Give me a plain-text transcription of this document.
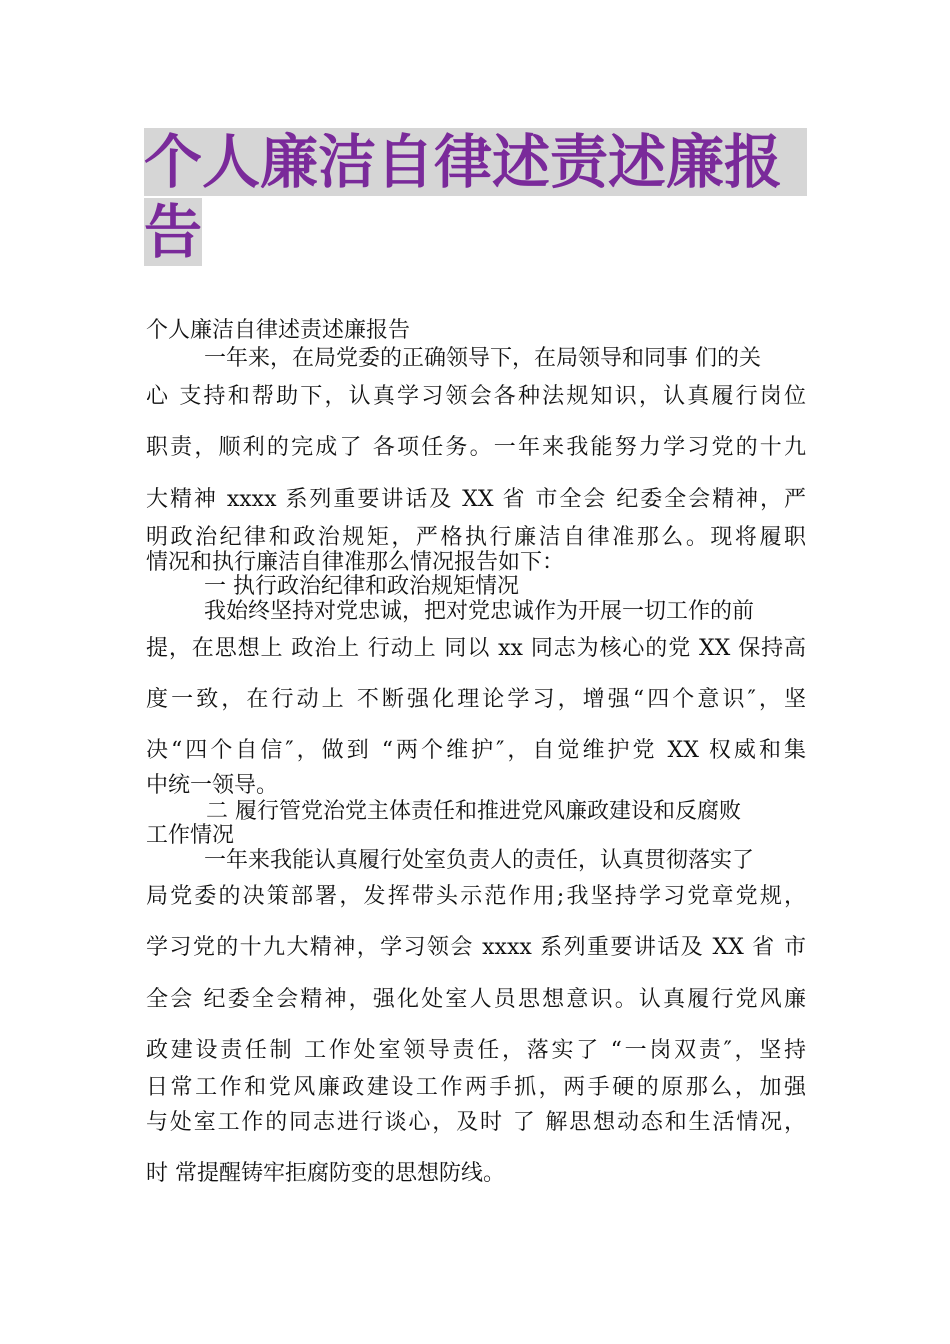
个人廉洁自律述责述廉报
告
个人廉洁自律述责述廉报告
一年来，在局党委的正确领导下，在局领导和同事 们的关
心 支持和帮助下，认真学习领会各种法规知识，认真履行岗位
职责，顺利的完成了 各项任务。一年来我能努力学习党的十九
大精神 xxxx 系列重要讲话及 XX 省 市全会 纪委全会精神，严
明政治纪律和政治规矩，严格执行廉洁自律准那么。现将履职
情况和执行廉洁自律准那么情况报告如下：
一 执行政治纪律和政治规矩情况
我始终坚持对党忠诚，把对党忠诚作为开展一切工作的前
提，在思想上 政治上 行动上 同以 xx 同志为核心的党 XX 保持高
度一致，在行动上 不断强化理论学习，增强“四个意识″，坚
决“四个自信″，做到 “两个维护″，自觉维护党 XX 权威和集
中统一领导。
二 履行管党治党主体责任和推进党风廉政建设和反腐败
工作情况
一年来我能认真履行处室负责人的责任，认真贯彻落实了
局党委的决策部署，发挥带头示范作用;我坚持学习党章党规，
学习党的十九大精神，学习领会 xxxx 系列重要讲话及 XX 省 市
全会 纪委全会精神，强化处室人员思想意识。认真履行党风廉
政建设责任制 工作处室领导责任，落实了 “一岗双责″，坚持
日常工作和党风廉政建设工作两手抓，两手硬的原那么，加强
与处室工作的同志进行谈心，及时 了 解思想动态和生活情况，
时 常提醒铸牢拒腐防变的思想防线。
